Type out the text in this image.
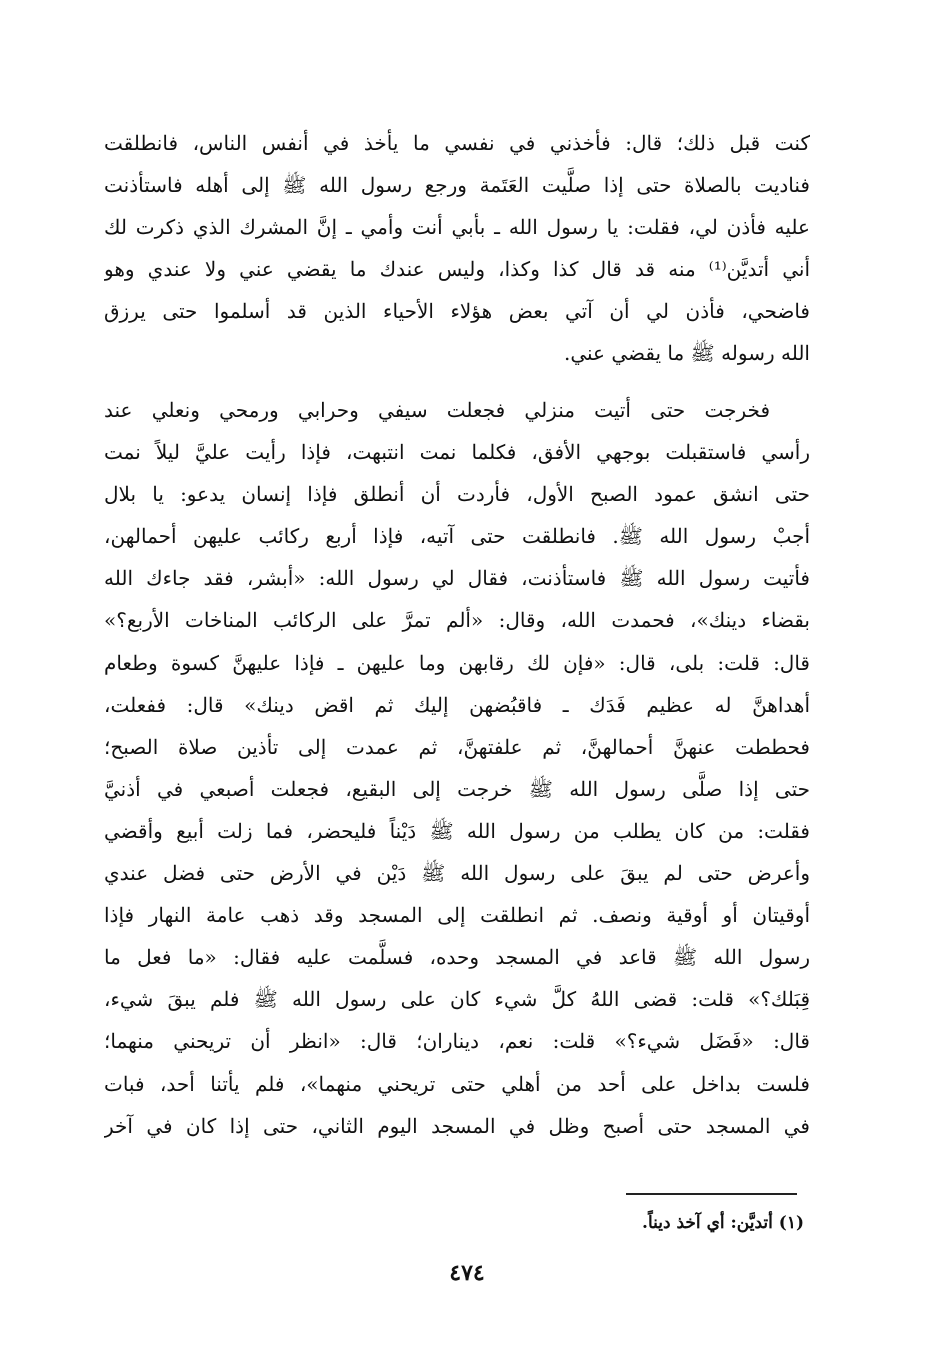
كنت قبل ذلك؛ قال: فأخذني في نفسي ما يأخذ في أنفس الناس، فانطلقت
فناديت بالصلاة حتى إذا صلَّيت العَتَمة ورجع رسول الله ﷺ إلى أهله فاستأذنت
عليه فأذن لي، فقلت: يا رسول الله ـ بأبي أنت وأمي ـ إنَّ المشرك الذي ذكرت لك
أني أتديَّن⁽¹⁾ منه قد قال كذا وكذا، وليس عندك ما يقضي عني ولا عندي وهو
فاضحي، فأذن لي أن آتي بعض هؤلاء الأحياء الذين قد أسلموا حتى يرزق
الله رسوله ﷺ ما يقضي عني.
فخرجت حتى أتيت منزلي فجعلت سيفي وحرابي ورمحي ونعلي عند
رأسي فاستقبلت بوجهي الأفق، فكلما نمت انتبهت، فإذا رأيت عليَّ ليلاً نمت
حتى انشق عمود الصبح الأول، فأردت أن أنطلق فإذا إنسان يدعو: يا بلال
أجبْ رسول الله ﷺ. فانطلقت حتى آتيه، فإذا أربع ركائب عليهن أحمالهن،
فأتيت رسول الله ﷺ فاستأذنت، فقال لي رسول الله: «أبشر، فقد جاءك الله
بقضاء دينك»، فحمدت الله، وقال: «ألم تمرَّ على الركائب المناخات الأربع؟»
قال: قلت: بلى، قال: «فإن لك رقابهن وما عليهن ـ فإذا عليهنَّ كسوة وطعام
أهداهنَّ له عظيم فَدَك ـ فاقبُضهن إليك ثم اقض دينك» قال: ففعلت،
فحططت عنهنَّ أحمالهنَّ، ثم علفتهنَّ، ثم عمدت إلى تأذين صلاة الصبح؛
حتى إذا صلَّى رسول الله ﷺ خرجت إلى البقيع، فجعلت أصبعي في أذنيَّ
فقلت: من كان يطلب من رسول الله ﷺ دَيْناً فليحضر، فما زلت أبيع وأقضي
وأعرض حتى لم يبقَ على رسول الله ﷺ دَيْن في الأرض حتى فضل عندي
أوقيتان أو أوقية ونصف. ثم انطلقت إلى المسجد وقد ذهب عامة النهار فإذا
رسول الله ﷺ قاعد في المسجد وحده، فسلَّمت عليه فقال: «ما فعل ما
قِبَلك؟» قلت: قضى اللهُ كلَّ شيء كان على رسول الله ﷺ فلم يبقَ شيء،
قال: «فَضَل شيء؟» قلت: نعم، ديناران؛ قال: «انظر أن تريحني منهما؛
فلست بداخل على أحد من أهلي حتى تريحني منهما»، فلم يأتنا أحد، فبات
في المسجد حتى أصبح وظل في المسجد اليوم الثاني، حتى إذا كان في آخر
(١) أتديَّن: أي آخذ ديناً.
٤٧٤
